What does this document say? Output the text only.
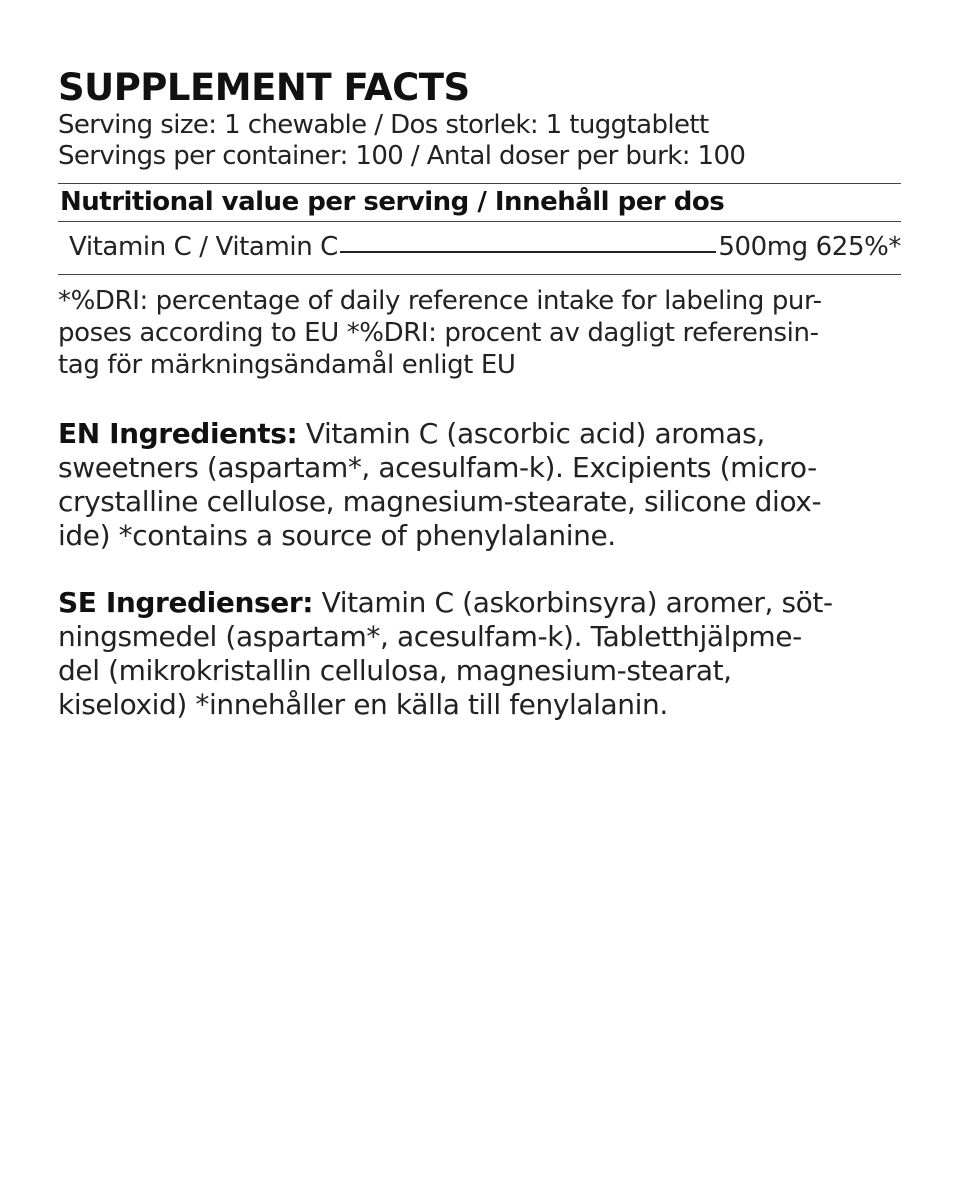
SUPPLEMENT FACTS
Serving size: 1 chewable / Dos storlek: 1 tuggtablett
Servings per container: 100 / Antal doser per burk: 100
Nutritional value per serving / Innehåll per dos
Vitamin C / Vitamin C	500mg 625%*

*%DRI: percentage of daily reference intake for labeling pur-
poses according to EU *%DRI: procent av dagligt referensin-
tag för märkningsändamål enligt EU

EN Ingredients: Vitamin C (ascorbic acid) aromas,
sweetners (aspartam*, acesulfam-k). Excipients (micro-
crystalline cellulose, magnesium-stearate, silicone diox-
ide) *contains a source of phenylalanine.

SE Ingredienser: Vitamin C (askorbinsyra) aromer, söt-
ningsmedel (aspartam*, acesulfam-k). Tabletthjälpme-
del (mikrokristallin cellulosa, magnesium-stearat,
kiseloxid) *innehåller en källa till fenylalanin.
